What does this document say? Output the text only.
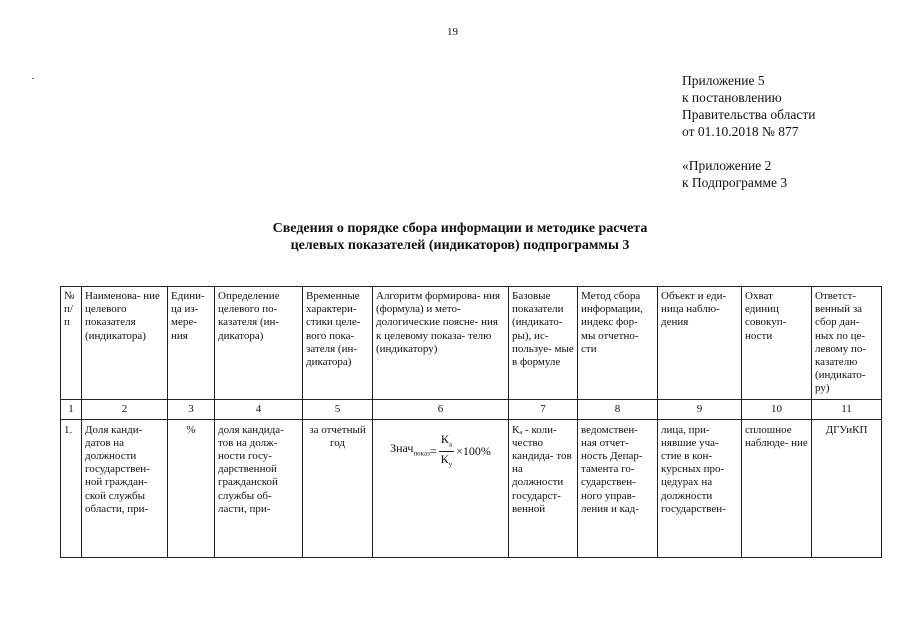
19
Приложение 5
к постановлению
Правительства области
от 01.10.2018 № 877
«Приложение 2
к Подпрограмме 3
Сведения о порядке сбора информации и методике расчета
целевых показателей (индикаторов) подпрограммы 3
№ п/ п	Наименова- ние целевого показателя (индикатора)	Едини- ца из- мере- ния	Определение целевого по- казателя (ин- дикатора)	Временные характери- стики целе- вого пока- зателя (ин- дикатора)	Алгоритм формирова- ния (формула) и мето- дологические поясне- ния к целевому показа- телю (индикатору)	Базовые показатели (индикато- ры), ис- пользуе- мые в формуле	Метод сбора информации, индекс фор- мы отчетно- сти	Объект и еди- ница наблю- дения	Охват единиц совокуп- ности	Ответст- венный за сбор дан- ных по це- левому по- казателю (индикато- ру)
1	2	3	4	5	6	7	8	9	10	11
1.	Доля канди- датов на должности государствен- ной граждан- ской службы области, при-	%	доля кандида- тов на долж- ности госу- дарственной гражданской службы об- ласти, при-	за отчетный год	Знач$_{показ}$ = $\frac{К_а}{К_у} \times 100\%$	Кₐ - коли- чество кандида- тов на должности государст- венной	ведомствен- ная отчет- ность Депар- тамента го- сударствен- ного управ- ления и кад-	лица, при- нявшие уча- стие в кон- курсных про- цедурах на должности государствен-	сплошное наблюде- ние	ДГУиКП
